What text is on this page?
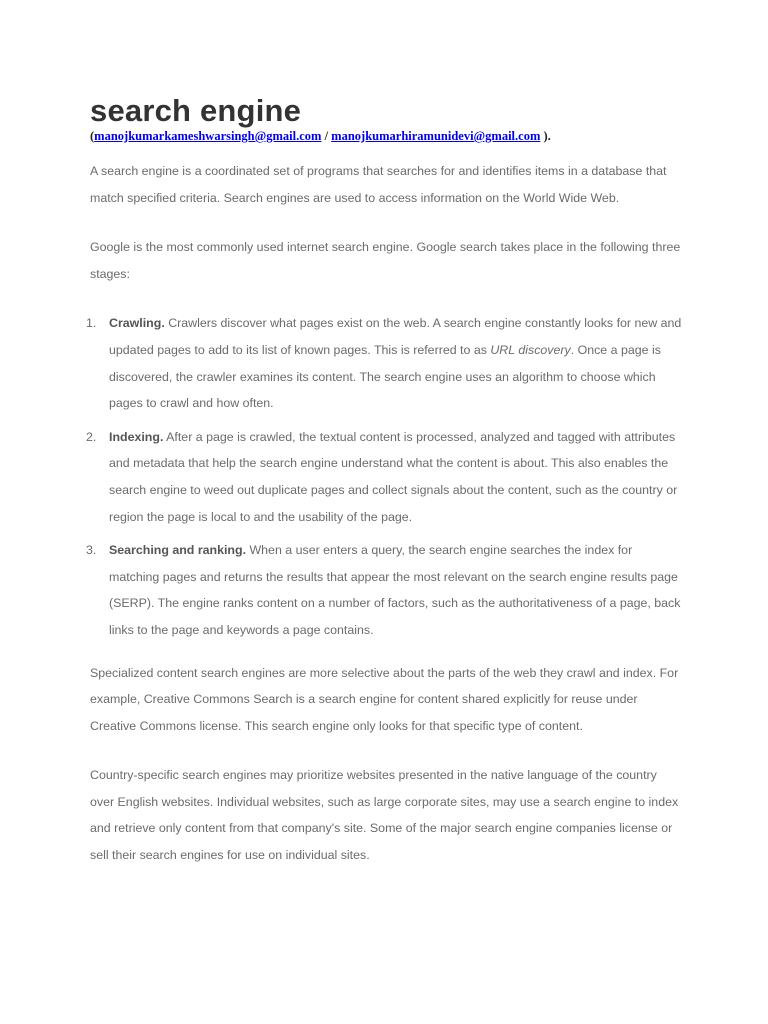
search engine
(manojkumarkameshwarsingh@gmail.com / manojkumarhiramunidevi@gmail.com ).

A search engine is a coordinated set of programs that searches for and identifies items in a database that match specified criteria. Search engines are used to access information on the World Wide Web.

Google is the most commonly used internet search engine. Google search takes place in the following three stages:

1. Crawling. Crawlers discover what pages exist on the web. A search engine constantly looks for new and updated pages to add to its list of known pages. This is referred to as URL discovery. Once a page is discovered, the crawler examines its content. The search engine uses an algorithm to choose which pages to crawl and how often.
2. Indexing. After a page is crawled, the textual content is processed, analyzed and tagged with attributes and metadata that help the search engine understand what the content is about. This also enables the search engine to weed out duplicate pages and collect signals about the content, such as the country or region the page is local to and the usability of the page.
3. Searching and ranking. When a user enters a query, the search engine searches the index for matching pages and returns the results that appear the most relevant on the search engine results page (SERP). The engine ranks content on a number of factors, such as the authoritativeness of a page, back links to the page and keywords a page contains.

Specialized content search engines are more selective about the parts of the web they crawl and index. For example, Creative Commons Search is a search engine for content shared explicitly for reuse under Creative Commons license. This search engine only looks for that specific type of content.

Country-specific search engines may prioritize websites presented in the native language of the country over English websites. Individual websites, such as large corporate sites, may use a search engine to index and retrieve only content from that company's site. Some of the major search engine companies license or sell their search engines for use on individual sites.
